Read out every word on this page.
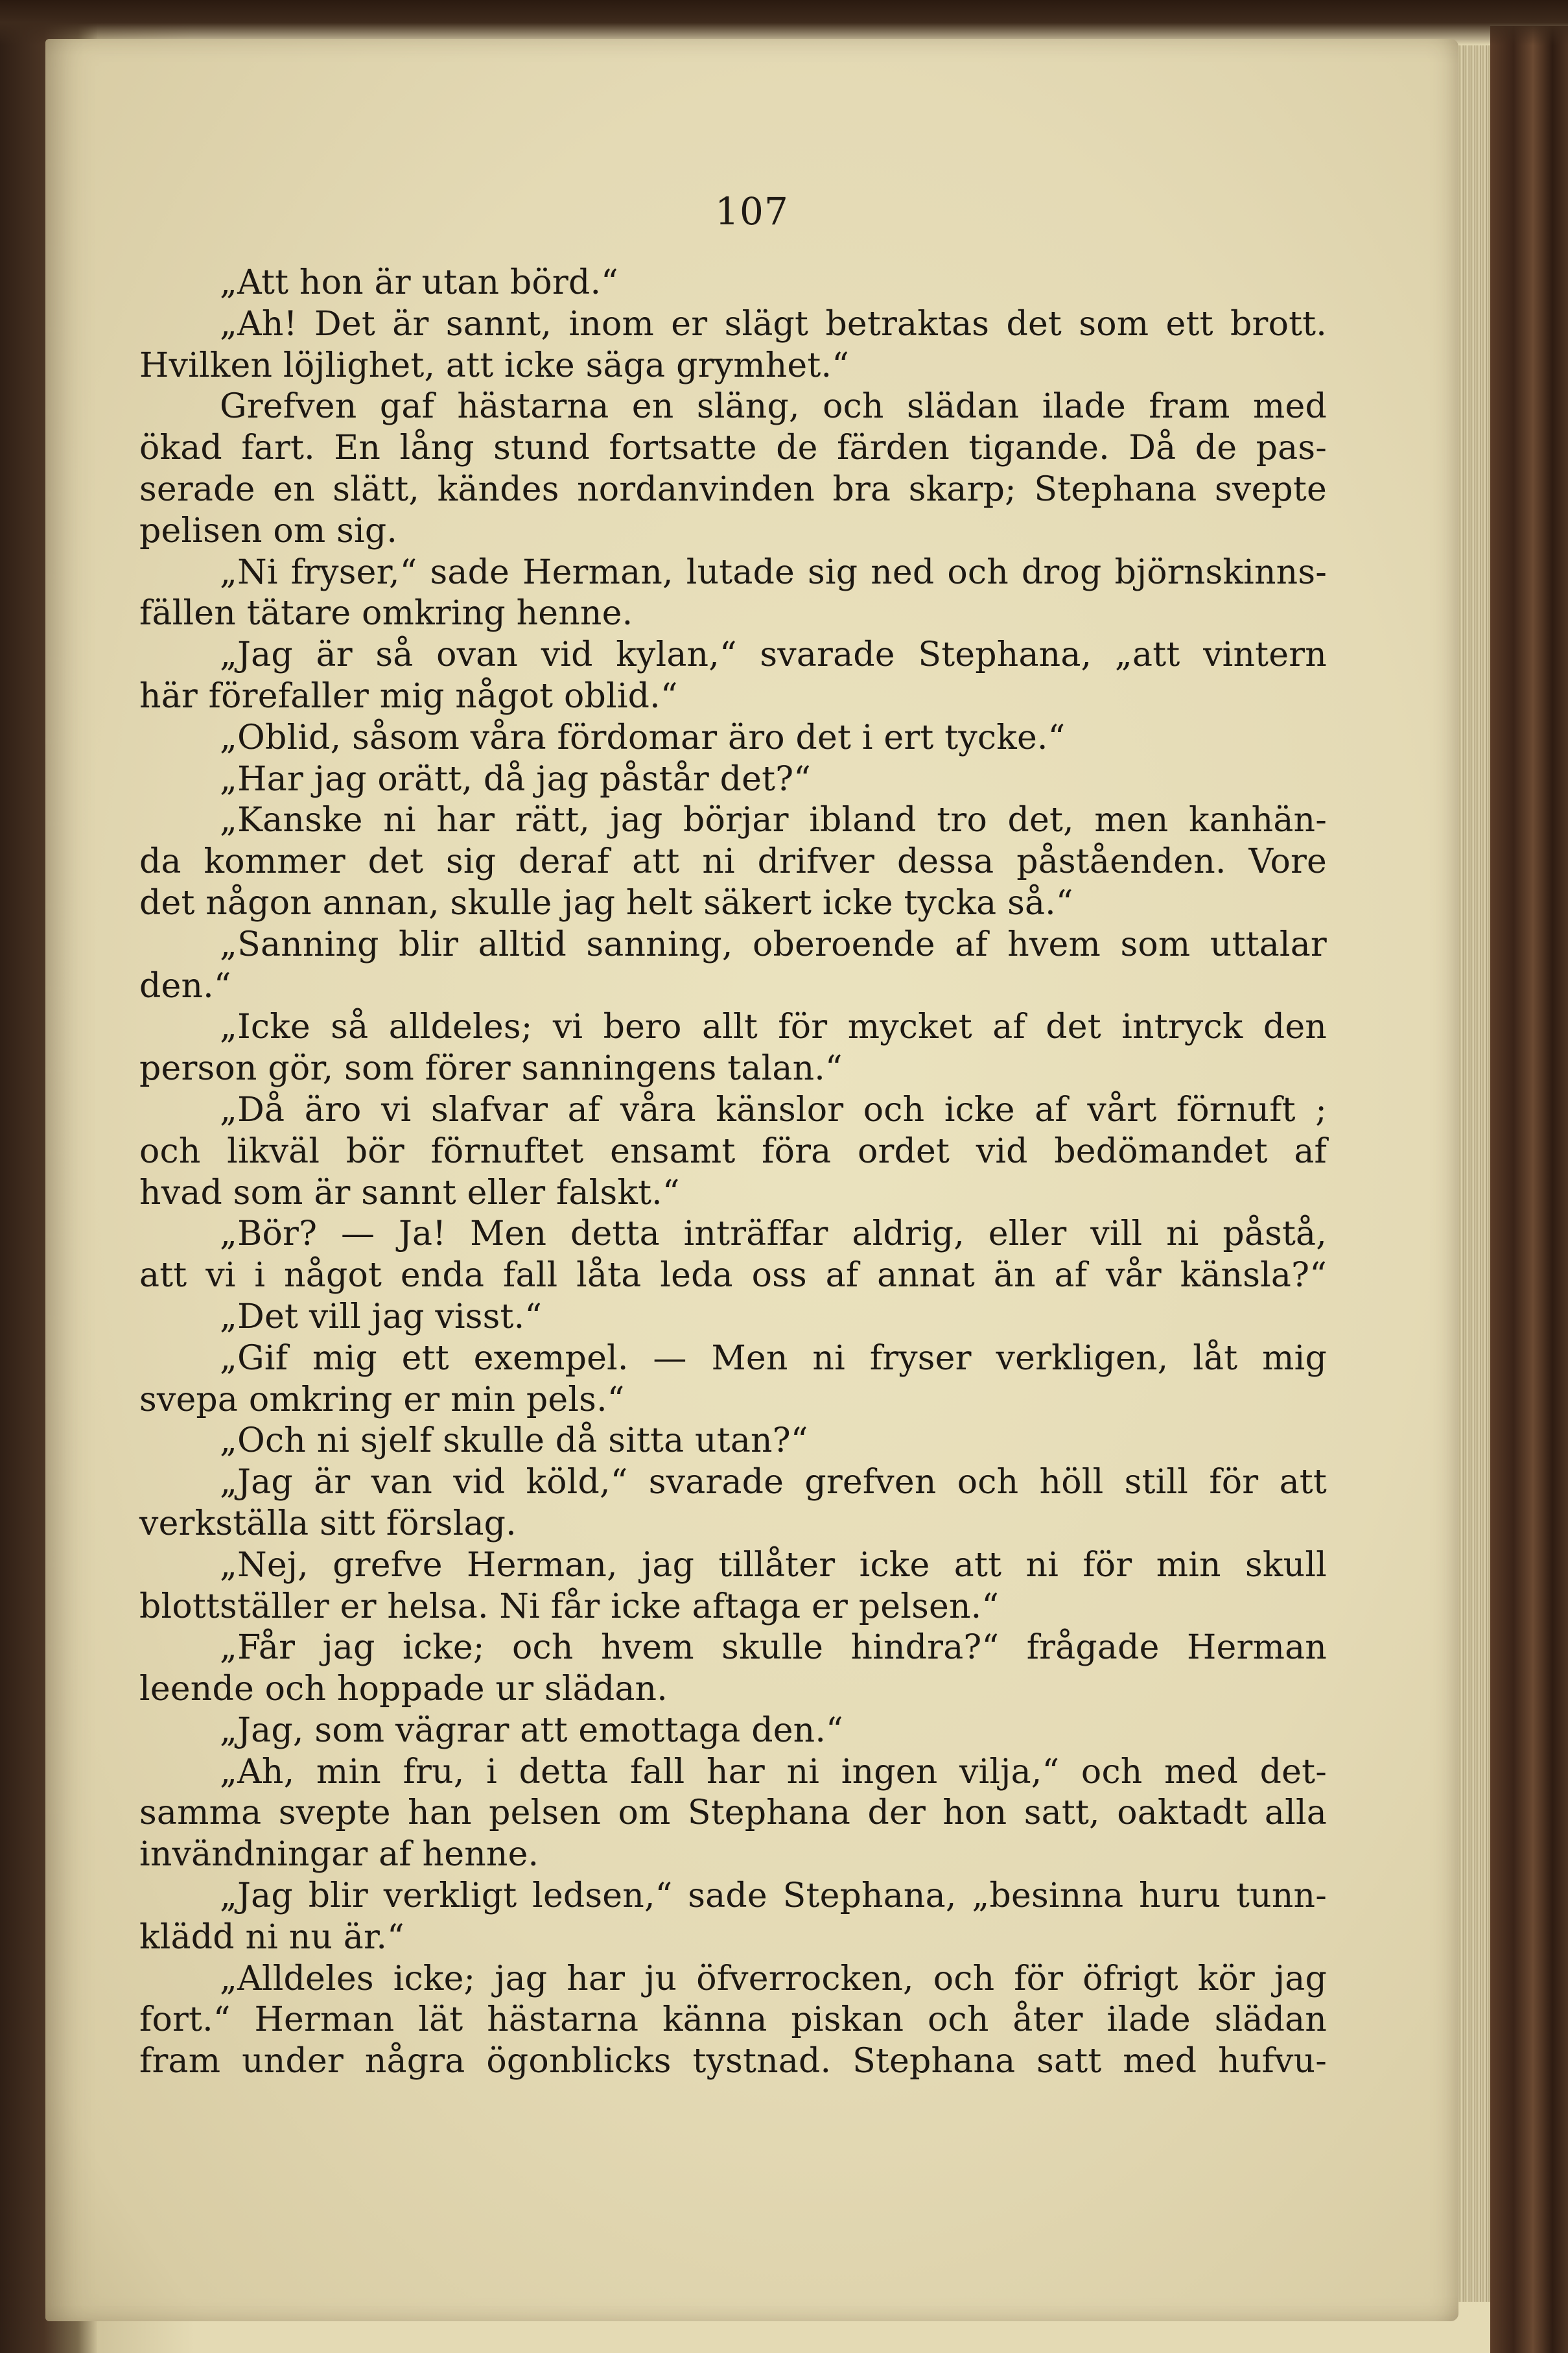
107
„Att hon är utan börd.“
„Ah! Det är sannt, inom er slägt betraktas det som ett brott.
Hvilken löjlighet, att icke säga grymhet.“
Grefven gaf hästarna en släng, och slädan ilade fram med
ökad fart. En lång stund fortsatte de färden tigande. Då de pas-
serade en slätt, kändes nordanvinden bra skarp; Stephana svepte
pelisen om sig.
„Ni fryser,“ sade Herman, lutade sig ned och drog björnskinns-
fällen tätare omkring henne.
„Jag är så ovan vid kylan,“ svarade Stephana, „att vintern
här förefaller mig något oblid.“
„Oblid, såsom våra fördomar äro det i ert tycke.“
„Har jag orätt, då jag påstår det?“
„Kanske ni har rätt, jag börjar ibland tro det, men kanhän-
da kommer det sig deraf att ni drifver dessa påståenden. Vore
det någon annan, skulle jag helt säkert icke tycka så.“
„Sanning blir alltid sanning, oberoende af hvem som uttalar
den.“
„Icke så alldeles; vi bero allt för mycket af det intryck den
person gör, som förer sanningens talan.“
„Då äro vi slafvar af våra känslor och icke af vårt förnuft ;
och likväl bör förnuftet ensamt föra ordet vid bedömandet af
hvad som är sannt eller falskt.“
„Bör? — Ja! Men detta inträffar aldrig, eller vill ni påstå,
att vi i något enda fall låta leda oss af annat än af vår känsla?“
„Det vill jag visst.“
„Gif mig ett exempel. — Men ni fryser verkligen, låt mig
svepa omkring er min pels.“
„Och ni sjelf skulle då sitta utan?“
„Jag är van vid köld,“ svarade grefven och höll still för att
verkställa sitt förslag.
„Nej, grefve Herman, jag tillåter icke att ni för min skull
blottställer er helsa. Ni får icke aftaga er pelsen.“
„Får jag icke; och hvem skulle hindra?“ frågade Herman
leende och hoppade ur slädan.
„Jag, som vägrar att emottaga den.“
„Ah, min fru, i detta fall har ni ingen vilja,“ och med det-
samma svepte han pelsen om Stephana der hon satt, oaktadt alla
invändningar af henne.
„Jag blir verkligt ledsen,“ sade Stephana, „besinna huru tunn-
klädd ni nu är.“
„Alldeles icke; jag har ju öfverrocken, och för öfrigt kör jag
fort.“ Herman lät hästarna känna piskan och åter ilade slädan
fram under några ögonblicks tystnad. Stephana satt med hufvu-
